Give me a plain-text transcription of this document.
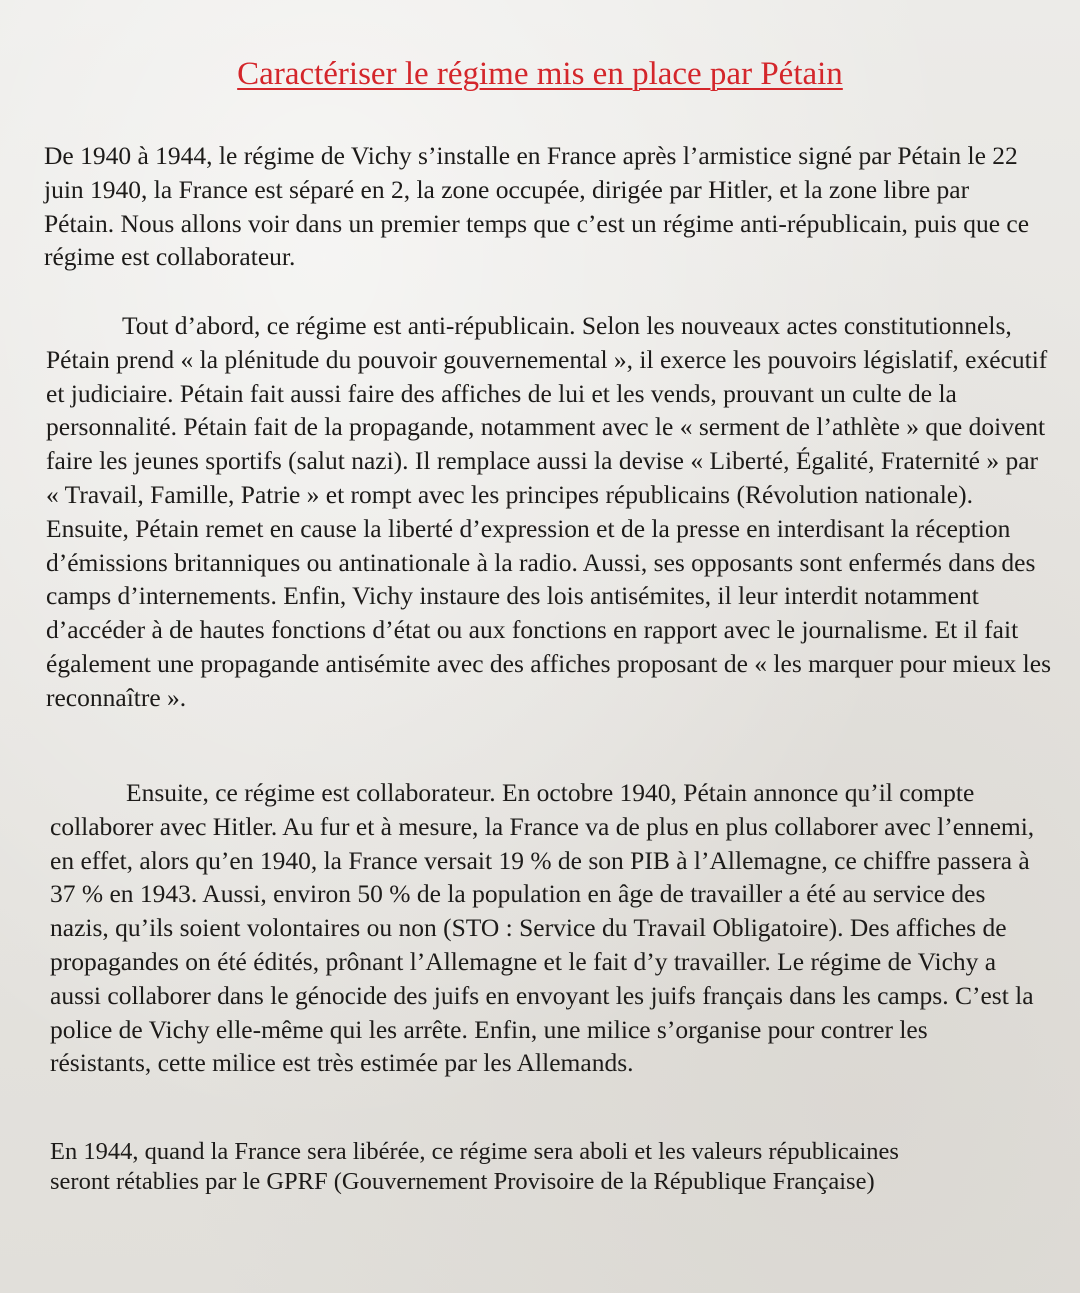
Caractériser le régime mis en place par Pétain

De 1940 à 1944, le régime de Vichy s’installe en France après l’armistice signé par Pétain le 22 juin 1940, la France est séparé en 2, la zone occupée, dirigée par Hitler, et la zone libre par Pétain. Nous allons voir dans un premier temps que c’est un régime anti-républicain, puis que ce régime est collaborateur.

Tout d’abord, ce régime est anti-républicain. Selon les nouveaux actes constitutionnels, Pétain prend « la plénitude du pouvoir gouvernemental », il exerce les pouvoirs législatif, exécutif et judiciaire. Pétain fait aussi faire des affiches de lui et les vends, prouvant un culte de la personnalité. Pétain fait de la propagande, notamment avec le « serment de l’athlète » que doivent faire les jeunes sportifs (salut nazi). Il remplace aussi la devise « Liberté, Égalité, Fraternité » par « Travail, Famille, Patrie » et rompt avec les principes républicains (Révolution nationale). Ensuite, Pétain remet en cause la liberté d’expression et de la presse en interdisant la réception d’émissions britanniques ou antinationale à la radio. Aussi, ses opposants sont enfermés dans des camps d’internements. Enfin, Vichy instaure des lois antisémites, il leur interdit notamment d’accéder à de hautes fonctions d’état ou aux fonctions en rapport avec le journalisme. Et il fait également une propagande antisémite avec des affiches proposant de « les marquer pour mieux les reconnaître ».

Ensuite, ce régime est collaborateur. En octobre 1940, Pétain annonce qu’il compte collaborer avec Hitler. Au fur et à mesure, la France va de plus en plus collaborer avec l’ennemi, en effet, alors qu’en 1940, la France versait 19 % de son PIB à l’Allemagne, ce chiffre passera à 37 % en 1943. Aussi, environ 50 % de la population en âge de travailler a été au service des nazis, qu’ils soient volontaires ou non (STO : Service du Travail Obligatoire). Des affiches de propagandes on été édités, prônant l’Allemagne et le fait d’y travailler. Le régime de Vichy a aussi collaborer dans le génocide des juifs en envoyant les juifs français dans les camps. C’est la police de Vichy elle-même qui les arrête. Enfin, une milice s’organise pour contrer les résistants, cette milice est très estimée par les Allemands.

En 1944, quand la France sera libérée, ce régime sera aboli et les valeurs républicaines seront rétablies par le GPRF (Gouvernement Provisoire de la République Française)
